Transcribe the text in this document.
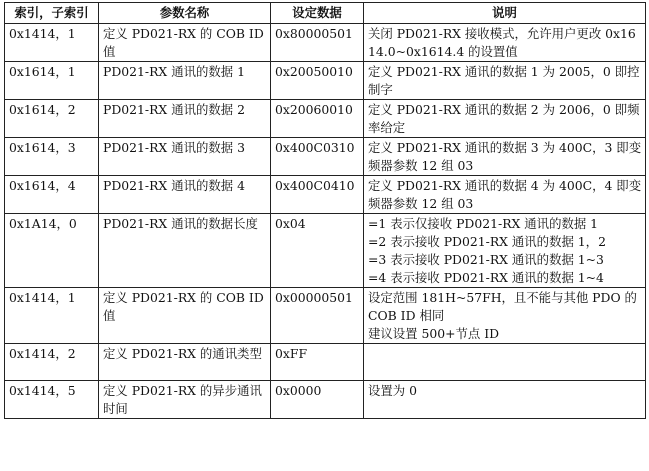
索引，子索引	参数名称	设定数据	说明
0x1414，1	定义 PD021-RX 的 COB ID 值	0x80000501	关闭 PD021-RX 接收模式，允许用户更改 0x1614.0~0x1614.4 的设置值

0x1614，1	PD021-RX 通讯的数据 1	0x20050010	定义 PD021-RX 通讯的数据 1 为 2005，0 即控制字

0x1614，2	PD021-RX 通讯的数据 2	0x20060010	定义 PD021-RX 通讯的数据 2 为 2006，0 即频率给定

0x1614，3	PD021-RX 通讯的数据 3	0x400C0310	定义 PD021-RX 通讯的数据 3 为 400C，3 即变频器参数 12 组 03

0x1614，4	PD021-RX 通讯的数据 4	0x400C0410	定义 PD021-RX 通讯的数据 4 为 400C，4 即变频器参数 12 组 03

0x1A14，0	PD021-RX 通讯的数据长度	0x04	=1 表示仅接收 PD021-RX 通讯的数据 1
=2 表示接收 PD021-RX 通讯的数据 1，2
=3 表示接收 PD021-RX 通讯的数据 1~3
=4 表示接收 PD021-RX 通讯的数据 1~4

0x1414，1	定义 PD021-RX 的 COB ID 值	0x00000501	设定范围 181H~57FH，且不能与其他 PDO 的 COB ID 相同
建议设置 500+节点 ID

0x1414，2	定义 PD021-RX 的通讯类型	0xFF	
0x1414，5	定义 PD021-RX 的异步通讯时间	0x0000	设置为 0
